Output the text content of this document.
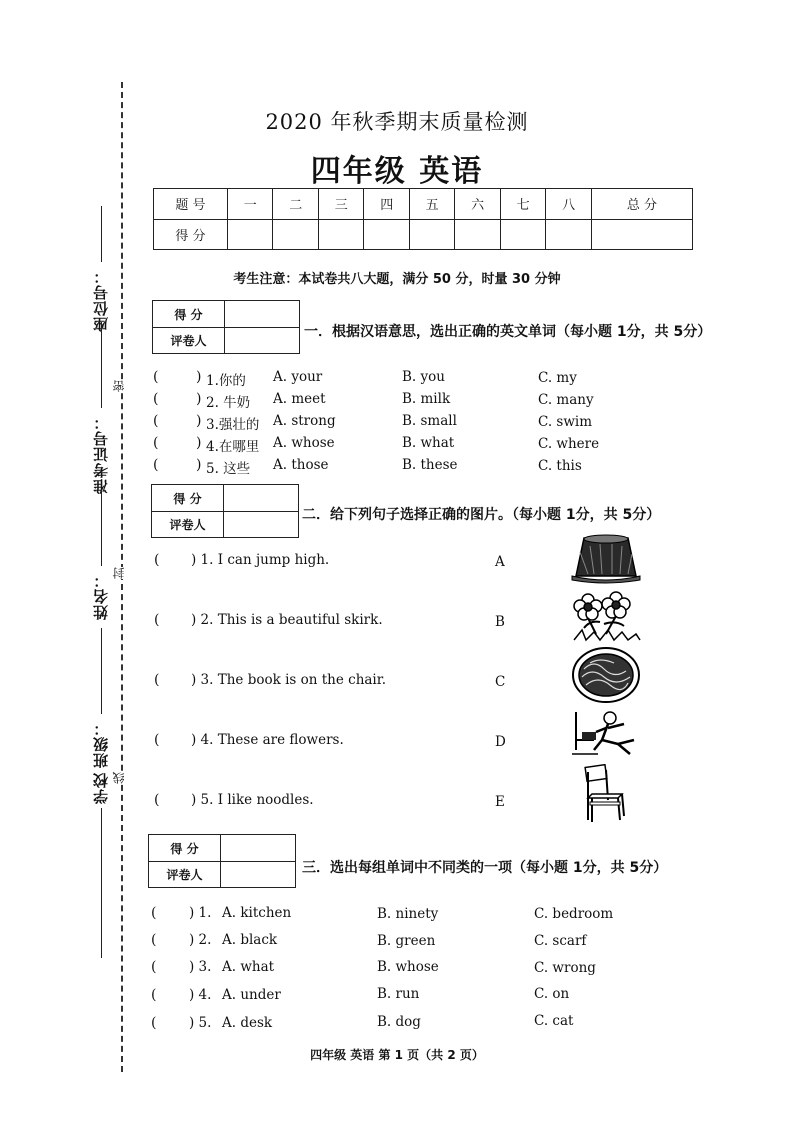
座位号：
准考证号：
姓名：
班级：
学校
密
封
线
2020 年秋季期末质量检测
四年级 英语
题 号	一	二	三	四	五	六	七	八	总 分
得 分									
考生注意：本试卷共八大题，满分 50 分，时量 30 分钟
得 分
评卷人
一．根据汉语意思，选出正确的英文单词（每小题 1分，共 5分）
(	) 1.你的 A. your	B. you	C. my
(	) 2. 牛奶 A. meet	B. milk	C. many
(	) 3.强壮的 A. strong	B. small	C. swim
(	) 4.在哪里 A. whose	B. what	C. where
(	) 5. 这些 A. those	B. these	C. this
得 分
评卷人
二．给下列句子选择正确的图片。（每小题 1分，共 5分）
( ) 1. I can jump high.	A
( ) 2. This is a beautiful skirk.	B
( ) 3. The book is on the chair.	C
( ) 4. These are flowers.	D
( ) 5. I like noodles.	E
得 分
评卷人	三．选出每组单词中不同类的一项（每小题 1分，共 5分）
( ) 1. A. kitchen	B. ninety	C. bedroom
( ) 2. A. black	B. green	C. scarf
( ) 3. A. what	B. whose	C. wrong
( ) 4. A. under	B. run	C. on
( ) 5. A. desk	B. dog	C. cat
四年级 英语 第 1 页（共 2 页）
